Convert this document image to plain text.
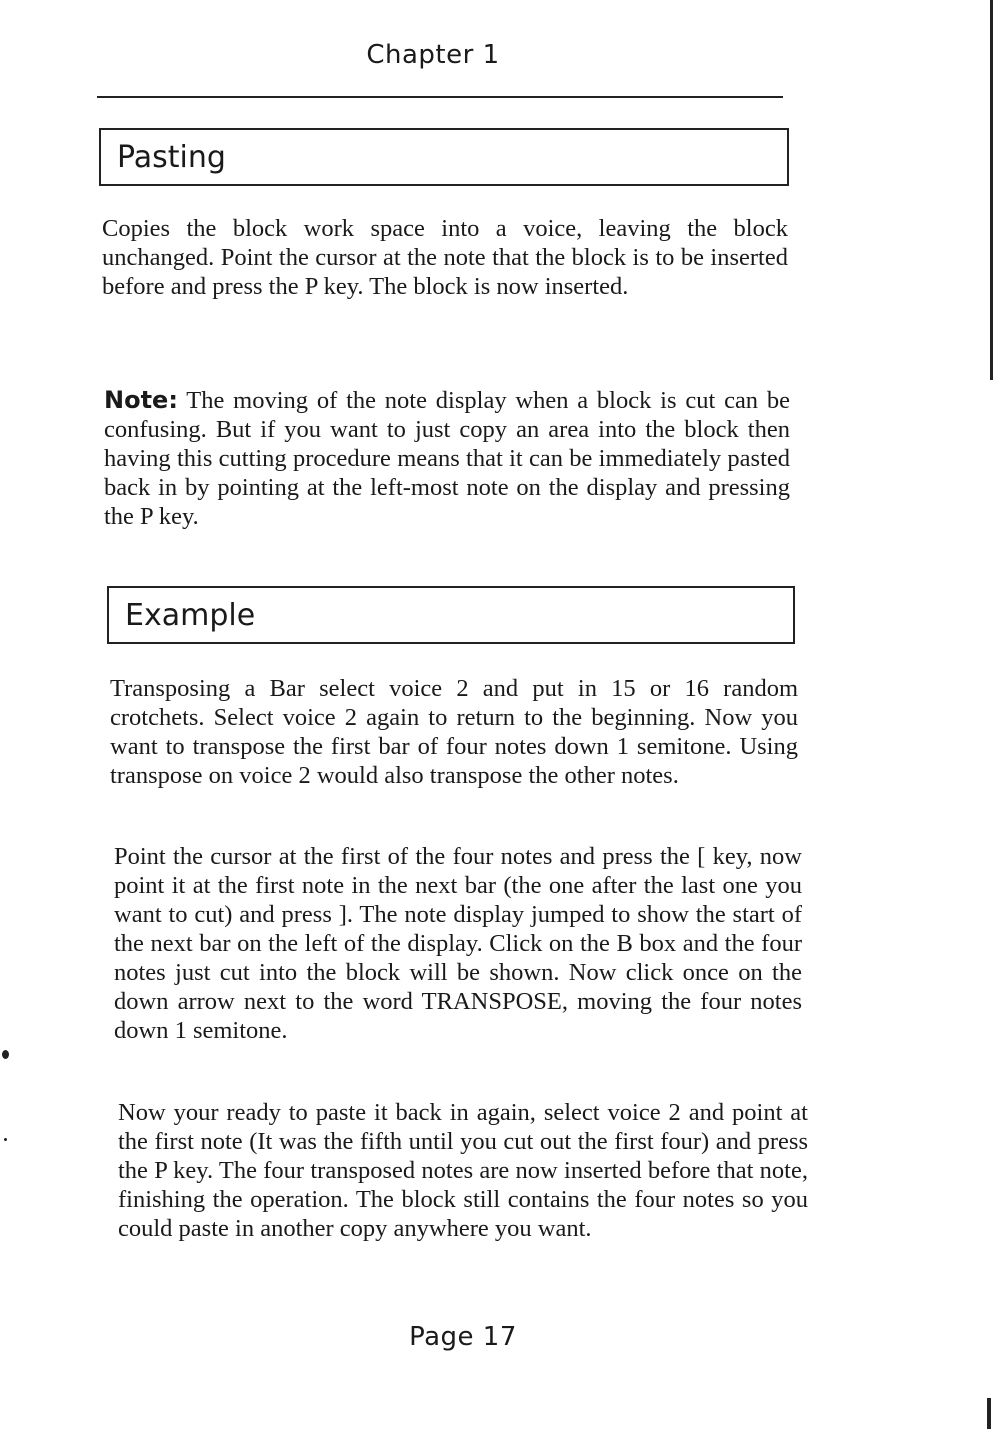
Chapter 1
Pasting

Copies the block work space into a voice, leaving the block unchanged. Point the cursor at the note that the block is to be inserted before and press the P key. The block is now inserted.

Note: The moving of the note display when a block is cut can be confusing. But if you want to just copy an area into the block then having this cutting procedure means that it can be immediately pasted back in by pointing at the left-most note on the display and pressing the P key.

Example

Transposing a Bar select voice 2 and put in 15 or 16 random crotchets. Select voice 2 again to return to the beginning. Now you want to transpose the first bar of four notes down 1 semitone. Using transpose on voice 2 would also transpose the other notes.

Point the cursor at the first of the four notes and press the [ key, now point it at the first note in the next bar (the one after the last one you want to cut) and press ]. The note display jumped to show the start of the next bar on the left of the display. Click on the B box and the four notes just cut into the block will be shown. Now click once on the down arrow next to the word TRANSPOSE, moving the four notes down 1 semitone.

Now your ready to paste it back in again, select voice 2 and point at the first note (It was the fifth until you cut out the first four) and press the P key. The four transposed notes are now inserted before that note, finishing the operation. The block still contains the four notes so you could paste in another copy anywhere you want.

Page 17
